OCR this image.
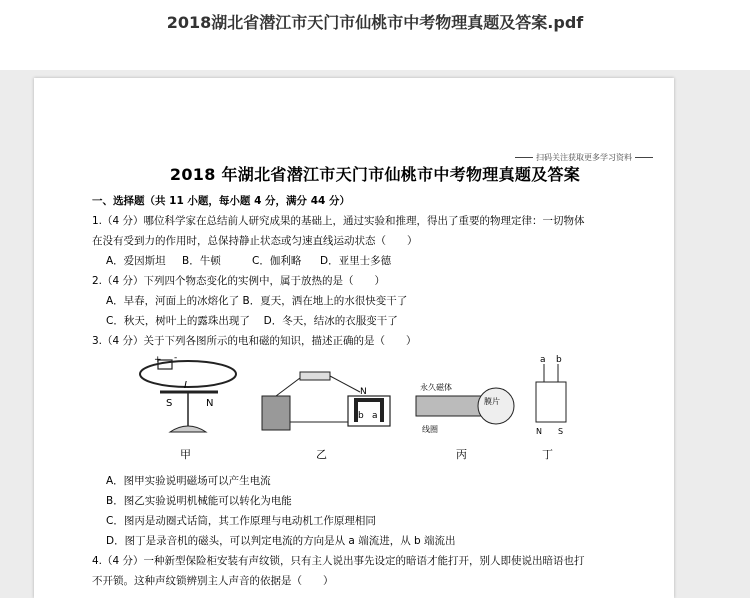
2018湖北省潜江市天门市仙桃市中考物理真题及答案.pdf
扫码关注获取更多学习资料
2018 年湖北省潜江市天门市仙桃市中考物理真题及答案
一、选择题（共 11 小题，每小题 4 分，满分 44 分）
1.（4 分）哪位科学家在总结前人研究成果的基础上，通过实验和推理，得出了重要的物理定律：一切物体
在没有受到力的作用时，总保持静止状态或匀速直线运动状态（　　）
A．爱因斯坦 B．牛顿	C．伽利略 D．亚里士多德
2.（4 分）下列四个物态变化的实例中，属于放热的是（　　）
A．早春，河面上的冰熔化了 B．夏天，洒在地上的水很快变干了
C．秋天，树叶上的露珠出现了　 D．冬天，结冰的衣服变干了
3.（4 分）关于下列各图所示的电和磁的知识，描述正确的是（　　）
+ -
I
S	N
甲
N
a
b
乙
永久磁体
膜片
线圈
丙
a b
N S
丁
A．图甲实验说明磁场可以产生电流
B．图乙实验说明机械能可以转化为电能
C．图丙是动圈式话筒，其工作原理与电动机工作原理相同
D．图丁是录音机的磁头，可以判定电流的方向是从 a 端流进，从 b 端流出
4.（4 分）一种新型保险柜安装有声纹锁，只有主人说出事先设定的暗语才能打开，别人即使说出暗语也打
不开锁。这种声纹锁辨别主人声音的依据是（　　）
